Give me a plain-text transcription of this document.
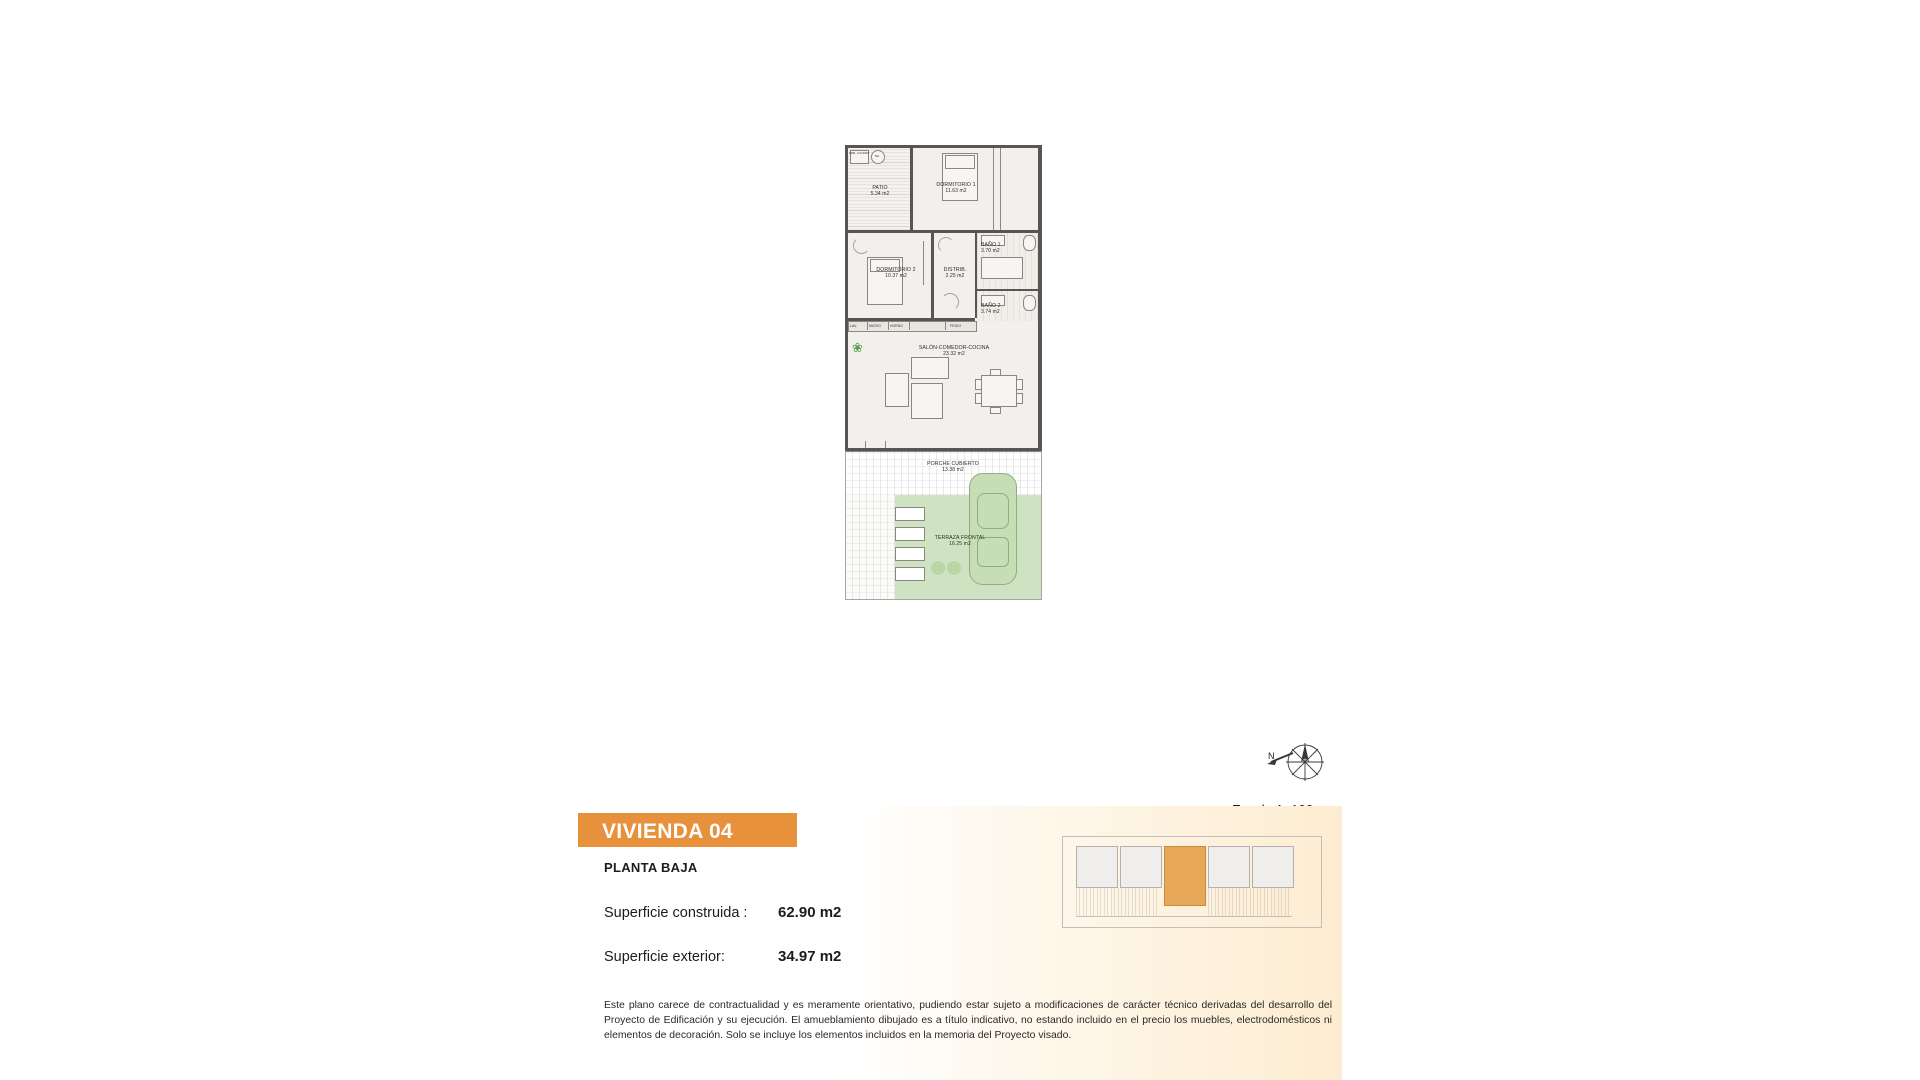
ARM. CUADRO
TEL
PATIO
5.34 m2
DORMITORIO 1
11.63 m2
DORMITORIO 2
10.37 m2
DISTRIB.
2.25 m2
BAÑO 1
3.70 m2
BAÑO 2
3.74 m2
LAV.	MICRO	HORNO	FRIGO
❀	SALÓN-COMEDOR-COCINA
23.32 m2
PORCHE CUBIERTO
13.38 m2
TERRAZA FRONTAL
16.25 m2
N
VIVIENDA 04
PLANTA BAJA
Superficie construida : 62.90 m2
Superficie exterior:	34.97 m2
Este plano carece de contractualidad y es meramente orientativo, pudiendo estar sujeto a modificaciones de carácter técnico derivadas del desarrollo del Proyecto de Edificación y su ejecución. El amueblamiento dibujado es a título indicativo, no estando incluido en el precio los muebles, electrodomésticos ni elementos de decoración. Solo se incluye los elementos incluidos en la memoria del Proyecto visado.
